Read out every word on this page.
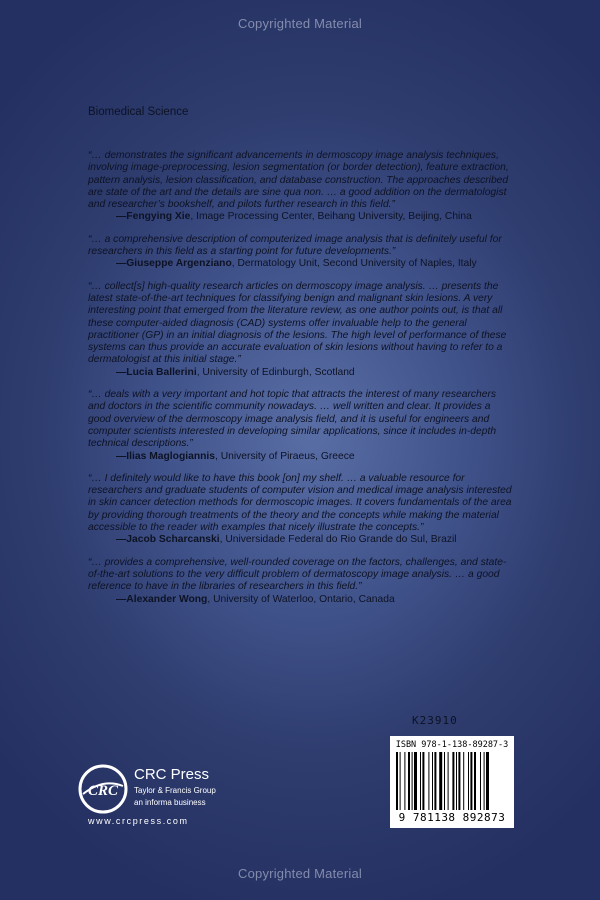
Copyrighted Material
Biomedical Science
“… demonstrates the significant advancements in dermoscopy image analysis techniques, involving image-preprocessing, lesion segmentation (or border detection), feature extraction, pattern analysis, lesion classification, and database construction. The approaches described are state of the art and the details are sine qua non. … a good addition on the dermatologist and researcher’s bookshelf, and pilots further research in this field.”
—Fengying Xie, Image Processing Center, Beihang University, Beijing, China
“… a comprehensive description of computerized image analysis that is definitely useful for researchers in this field as a starting point for future developments.”
—Giuseppe Argenziano, Dermatology Unit, Second University of Naples, Italy
“… collect[s] high-quality research articles on dermoscopy image analysis. … presents the latest state-of-the-art techniques for classifying benign and malignant skin lesions. A very interesting point that emerged from the literature review, as one author points out, is that all these computer-aided diagnosis (CAD) systems offer invaluable help to the general practitioner (GP) in an initial diagnosis of the lesions. The high level of performance of these systems can thus provide an accurate evaluation of skin lesions without having to refer to a dermatologist at this initial stage.”
—Lucia Ballerini, University of Edinburgh, Scotland
“… deals with a very important and hot topic that attracts the interest of many researchers and doctors in the scientific community nowadays. … well written and clear. It provides a good overview of the dermoscopy image analysis field, and it is useful for engineers and computer scientists interested in developing similar applications, since it includes in-depth technical descriptions.”
—Ilias Maglogiannis, University of Piraeus, Greece
“… I definitely would like to have this book [on] my shelf. … a valuable resource for researchers and graduate students of computer vision and medical image analysis interested in skin cancer detection methods for dermoscopic images. It covers fundamentals of the area by providing thorough treatments of the theory and the concepts while making the material accessible to the reader with examples that nicely illustrate the concepts.”
—Jacob Scharcanski, Universidade Federal do Rio Grande do Sul, Brazil
“… provides a comprehensive, well-rounded coverage on the factors, challenges, and state-of-the-art solutions to the very difficult problem of dermatoscopy image analysis. … a good reference to have in the libraries of researchers in this field.”
—Alexander Wong, University of Waterloo, Ontario, Canada
K23910
ISBN 978-1-138-89287-3
9 781138 892873
CRC
CRC Press
Taylor & Francis Group
an informa business
www.crcpress.com
Copyrighted Material
